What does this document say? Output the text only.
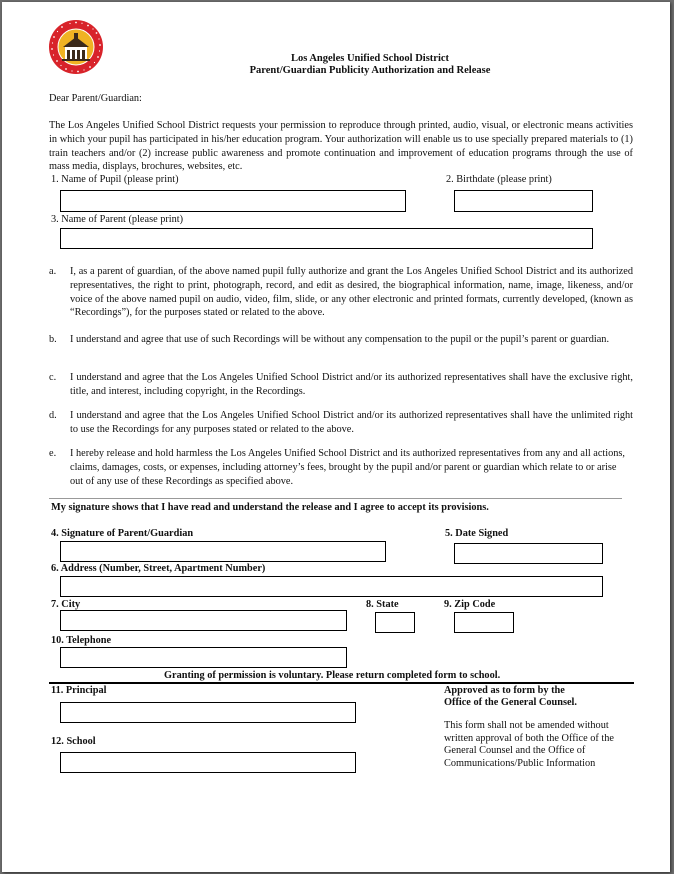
Los Angeles Unified School District
Parent/Guardian Publicity Authorization and Release
Dear Parent/Guardian:
The Los Angeles Unified School District requests your permission to reproduce through printed, audio, visual, or electronic means activities in which your pupil has participated in his/her education program. Your authorization will enable us to use specially prepared materials to (1) train teachers and/or (2) increase public awareness and promote continuation and improvement of education programs through the use of mass media, displays, brochures, websites, etc.
1. Name of Pupil (please print)	2. Birthdate (please print)
3. Name of Parent (please print)
a. I, as a parent of guardian, of the above named pupil fully authorize and grant the Los Angeles Unified School District and its authorized representatives, the right to print, photograph, record, and edit as desired, the biographical information, name, image, likeness, and/or voice of the above named pupil on audio, video, film, slide, or any other electronic and printed formats, currently developed, (known as “Recordings”), for the purposes stated or related to the above.
b. I understand and agree that use of such Recordings will be without any compensation to the pupil or the pupil’s parent or guardian.
c. I understand and agree that the Los Angeles Unified School District and/or its authorized representatives shall have the exclusive right, title, and interest, including copyright, in the Recordings.
d. I understand and agree that the Los Angeles Unified School District and/or its authorized representatives shall have the unlimited right to use the Recordings for any purposes stated or related to the above.
e. I hereby release and hold harmless the Los Angeles Unified School District and its authorized representatives from any and all actions, claims, damages, costs, or expenses, including attorney’s fees, brought by the pupil and/or parent or guardian which relate to or arise out of any use of these Recordings as specified above.
My signature shows that I have read and understand the release and I agree to accept its provisions.
4. Signature of Parent/Guardian	5. Date Signed
6. Address (Number, Street, Apartment Number)
7. City	8. State	9. Zip Code
10. Telephone
Granting of permission is voluntary. Please return completed form to school.
11. Principal
12. School
Approved as to form by the
Office of the General Counsel.
This form shall not be amended without
written approval of both the Office of the
General Counsel and the Office of
Communications/Public Information
